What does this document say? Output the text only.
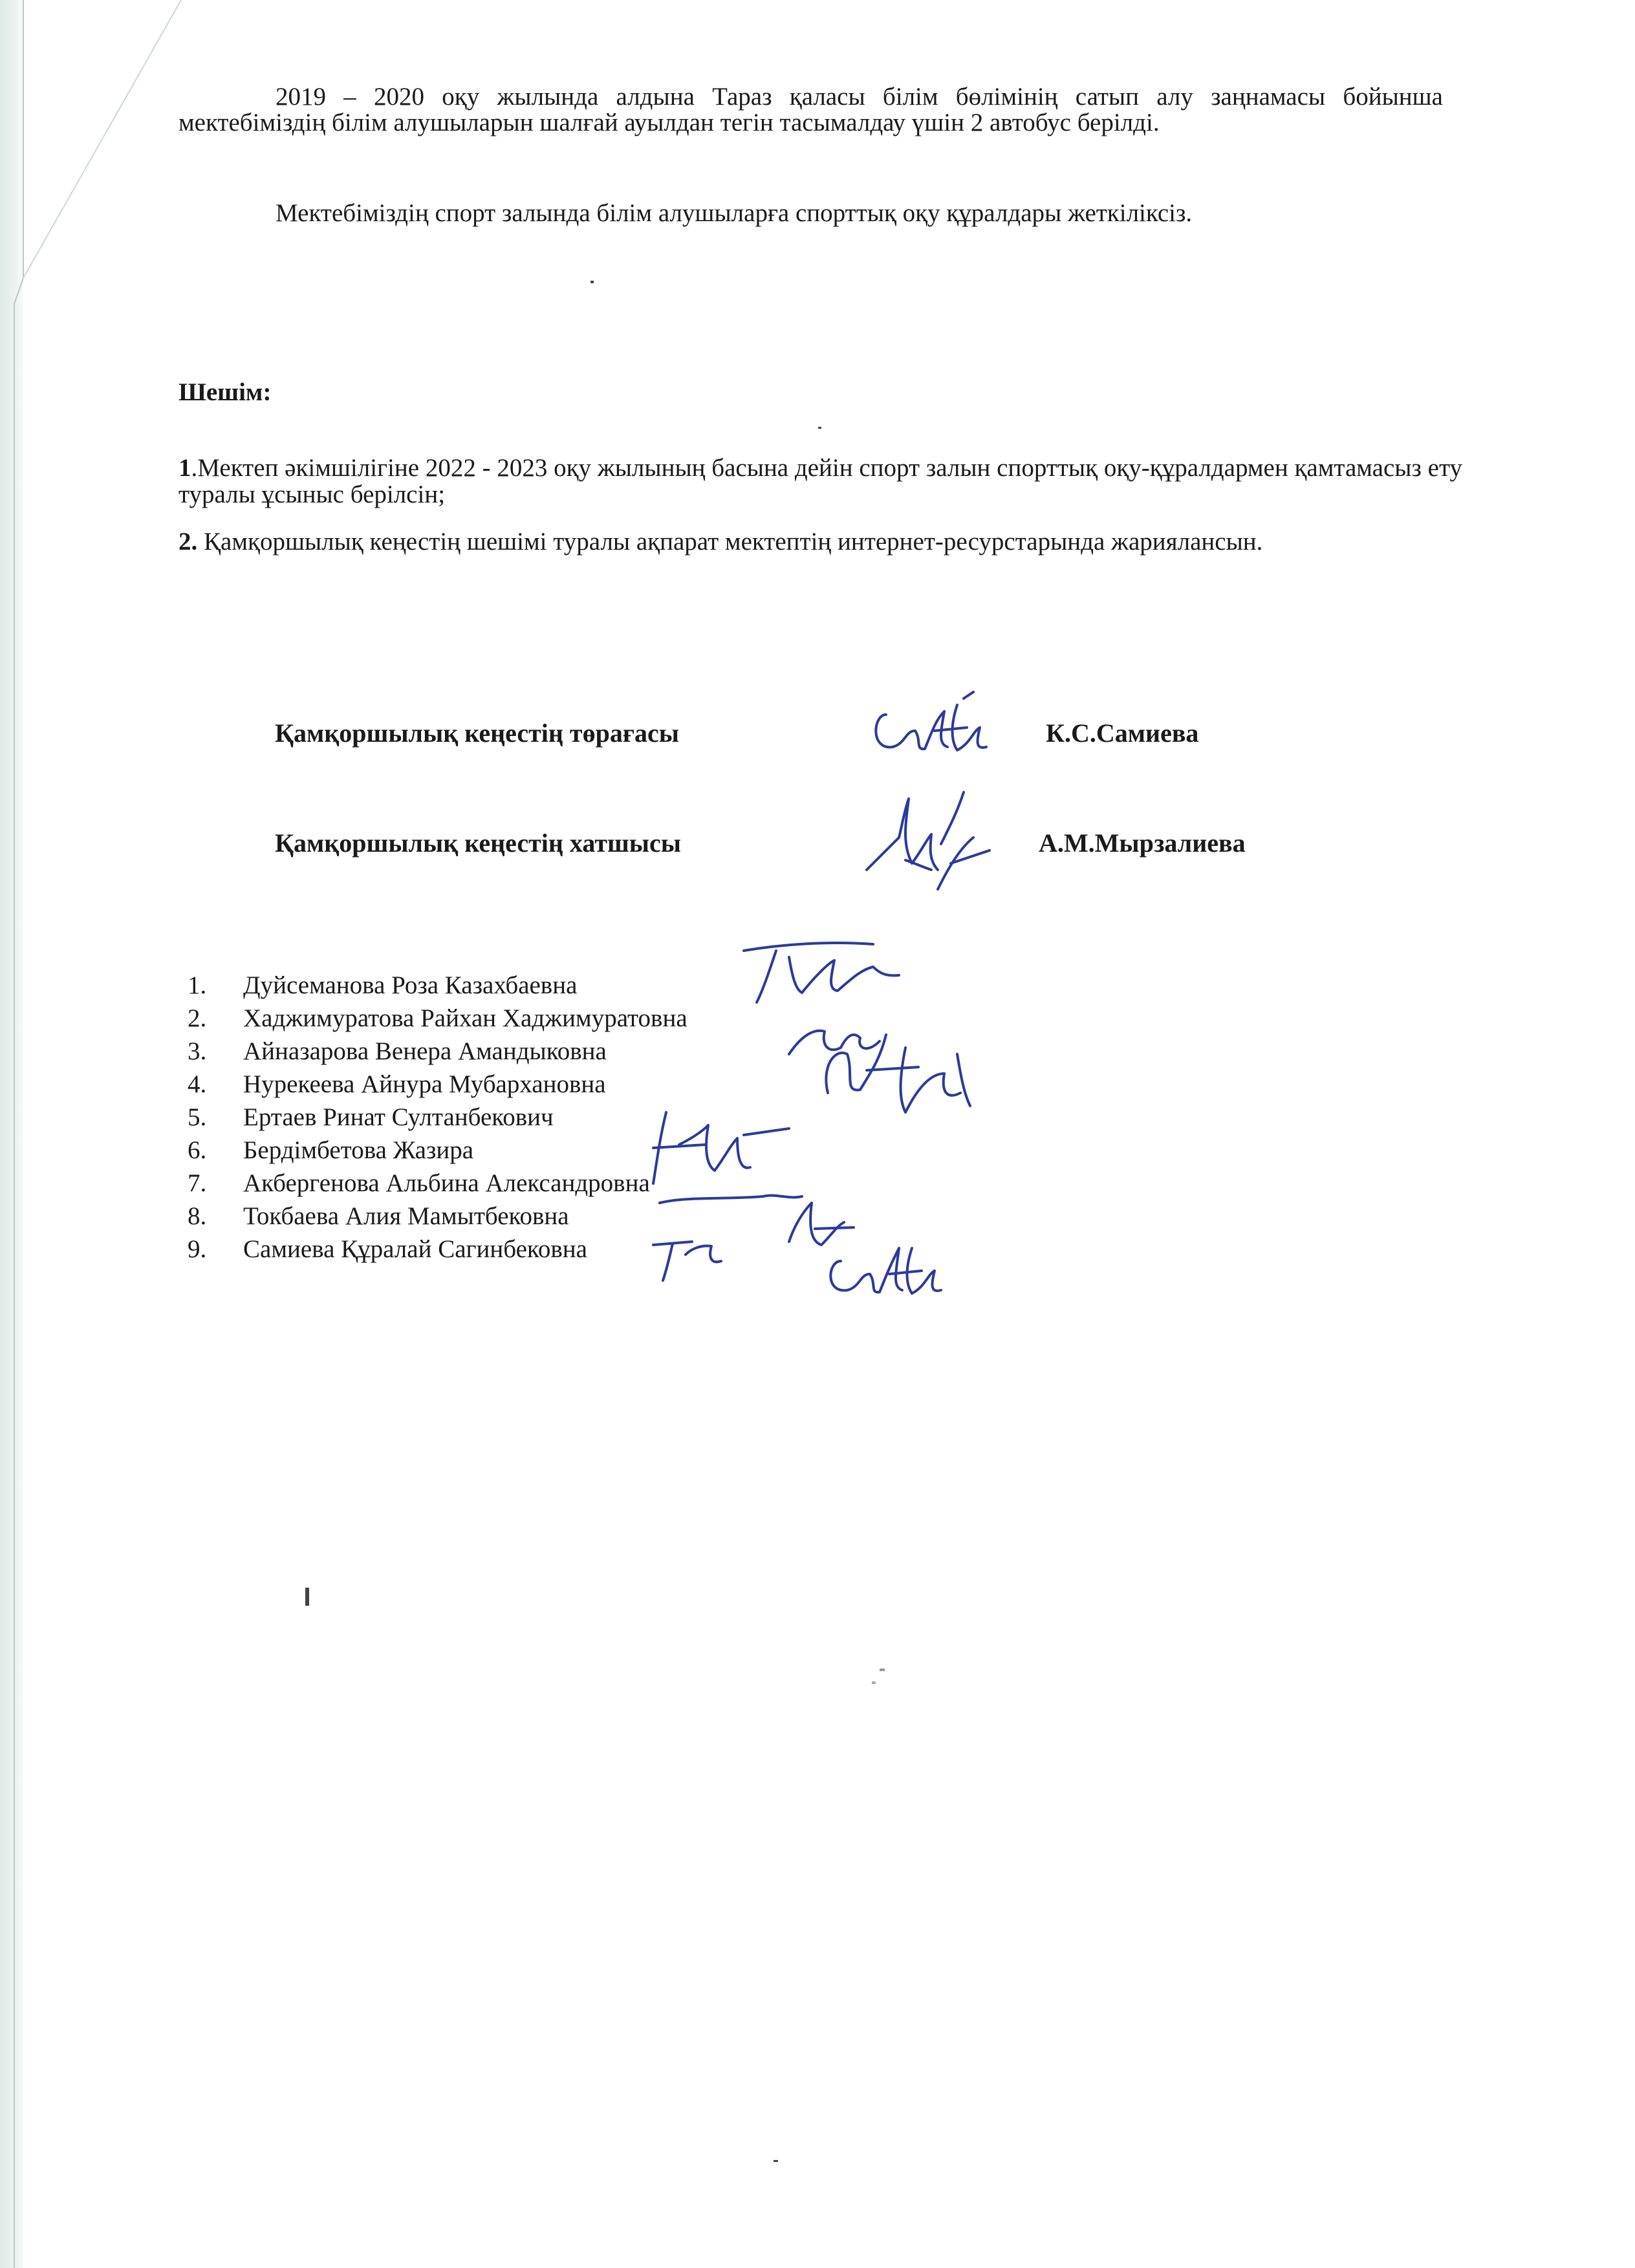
2019 – 2020 оқу жылында алдына Тараз қаласы білім бөлімінің сатып алу заңнамасы бойынша мектебіміздің білім алушыларын шалғай ауылдан тегін тасымалдау үшін 2 автобус берілді.

Мектебіміздің спорт залында білім алушыларға спорттық оқу құралдары жеткіліксіз.

Шешім:

1.Мектеп әкімшілігіне 2022 - 2023 оқу жылының басына дейін спорт залын спорттық оқу-құралдармен қамтамасыз ету туралы ұсыныс берілсін;

2. Қамқоршылық кеңестің шешімі туралы ақпарат мектептің интернет-ресурстарында жариялансын.

Қамқоршылық кеңестің төрағасы	К.С.Самиева

Қамқоршылық кеңестің хатшысы	А.М.Мырзалиева

1.	Дуйсеманова Роза Казахбаевна
2.	Хаджимуратова Райхан Хаджимуратовна
3.	Айназарова Венера Амандыковна
4.	Нурекеева Айнура Мубархановна
5.	Ертаев Ринат Султанбекович
6.	Бердімбетова Жазира
7.	Акбергенова Альбина Александровна
8.	Токбаева Алия Мамытбековна
9.	Самиева Құралай Сагинбековна
